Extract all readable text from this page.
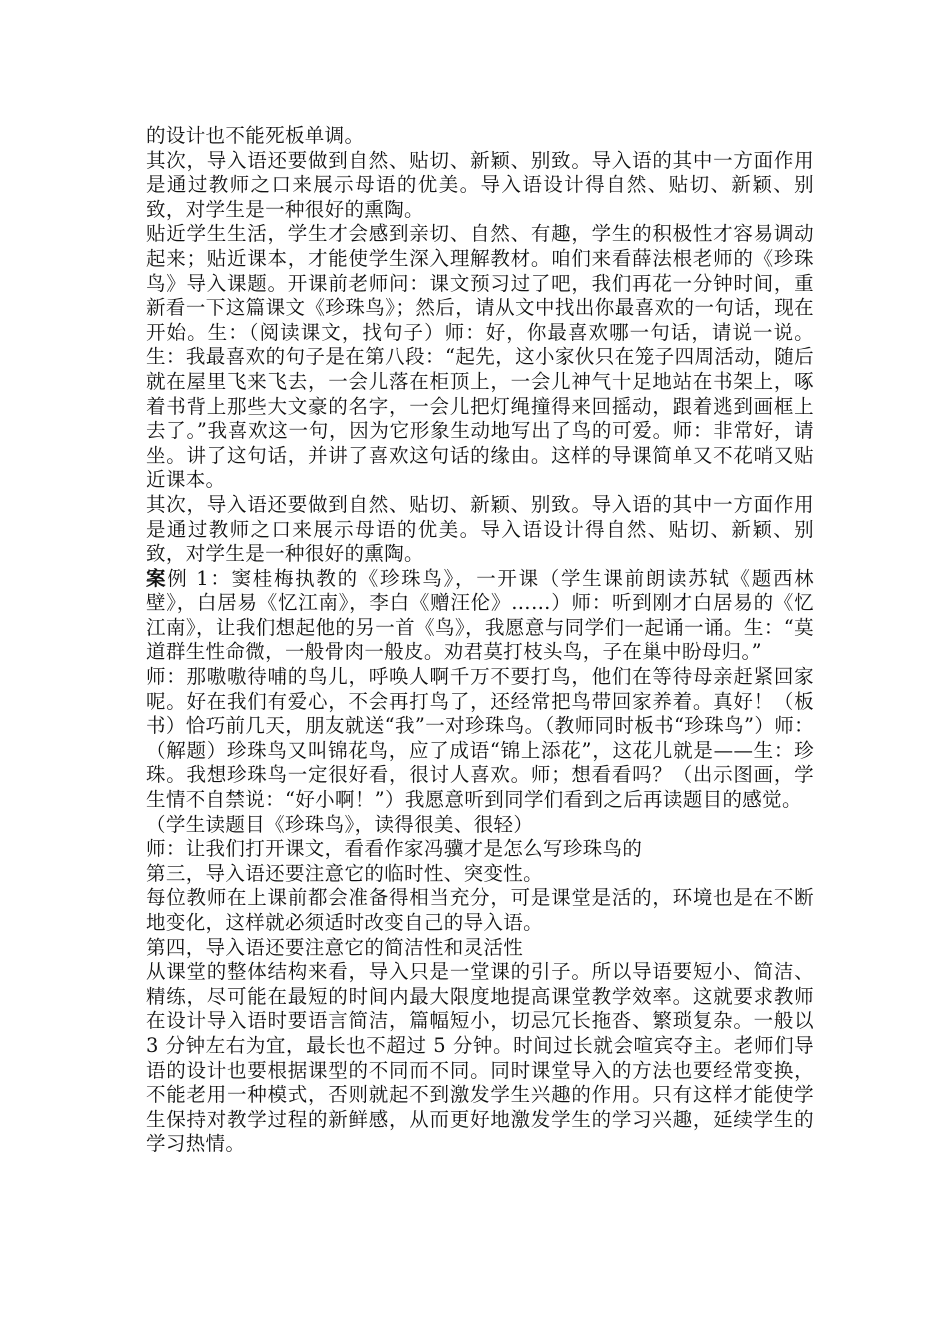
的设计也不能死板单调。

其次，导入语还要做到自然、贴切、新颖、别致。导入语的其中一方面作用是通过教师之口来展示母语的优美。导入语设计得自然、贴切、新颖、别致，对学生是一种很好的熏陶。

贴近学生生活，学生才会感到亲切、自然、有趣，学生的积极性才容易调动起来；贴近课本，才能使学生深入理解教材。咱们来看薛法根老师的《珍珠鸟》导入课题。开课前老师问：课文预习过了吧，我们再花一分钟时间，重新看一下这篇课文《珍珠鸟》；然后，请从文中找出你最喜欢的一句话，现在开始。生：（阅读课文，找句子）师：好，你最喜欢哪一句话，请说一说。生：我最喜欢的句子是在第八段：“起先，这小家伙只在笼子四周活动，随后就在屋里飞来飞去，一会儿落在柜顶上，一会儿神气十足地站在书架上，啄着书背上那些大文豪的名字，一会儿把灯绳撞得来回摇动，跟着逃到画框上去了。”我喜欢这一句，因为它形象生动地写出了鸟的可爱。师：非常好，请坐。讲了这句话，并讲了喜欢这句话的缘由。这样的导课简单又不花哨又贴近课本。

其次，导入语还要做到自然、贴切、新颖、别致。导入语的其中一方面作用是通过教师之口来展示母语的优美。导入语设计得自然、贴切、新颖、别致，对学生是一种很好的熏陶。

案例 1：窦桂梅执教的《珍珠鸟》，一开课（学生课前朗读苏轼《题西林壁》，白居易《忆江南》，李白《赠汪伦》……）师：听到刚才白居易的《忆江南》，让我们想起他的另一首《鸟》，我愿意与同学们一起诵一诵。生：“莫道群生性命微，一般骨肉一般皮。劝君莫打枝头鸟，子在巢中盼母归。”

师：那嗷嗷待哺的鸟儿，呼唤人啊千万不要打鸟，他们在等待母亲赶紧回家呢。好在我们有爱心，不会再打鸟了，还经常把鸟带回家养着。真好！（板书）恰巧前几天，朋友就送“我”一对珍珠鸟。（教师同时板书“珍珠鸟”）师：（解题）珍珠鸟又叫锦花鸟，应了成语“锦上添花”，这花儿就是——生：珍珠。我想珍珠鸟一定很好看，很讨人喜欢。师；想看看吗？（出示图画，学生情不自禁说：“好小啊！”）我愿意听到同学们看到之后再读题目的感觉。

（学生读题目《珍珠鸟》，读得很美、很轻）

师：让我们打开课文，看看作家冯骥才是怎么写珍珠鸟的

第三，导入语还要注意它的临时性、突变性。

每位教师在上课前都会准备得相当充分，可是课堂是活的，环境也是在不断地变化，这样就必须适时改变自己的导入语。

第四，导入语还要注意它的简洁性和灵活性

从课堂的整体结构来看，导入只是一堂课的引子。所以导语要短小、简洁、精练，尽可能在最短的时间内最大限度地提高课堂教学效率。这就要求教师在设计导入语时要语言简洁，篇幅短小，切忌冗长拖沓、繁琐复杂。一般以 3 分钟左右为宜，最长也不超过 5 分钟。时间过长就会喧宾夺主。老师们导语的设计也要根据课型的不同而不同。同时课堂导入的方法也要经常变换，不能老用一种模式，否则就起不到激发学生兴趣的作用。只有这样才能使学生保持对教学过程的新鲜感，从而更好地激发学生的学习兴趣，延续学生的学习热情。
